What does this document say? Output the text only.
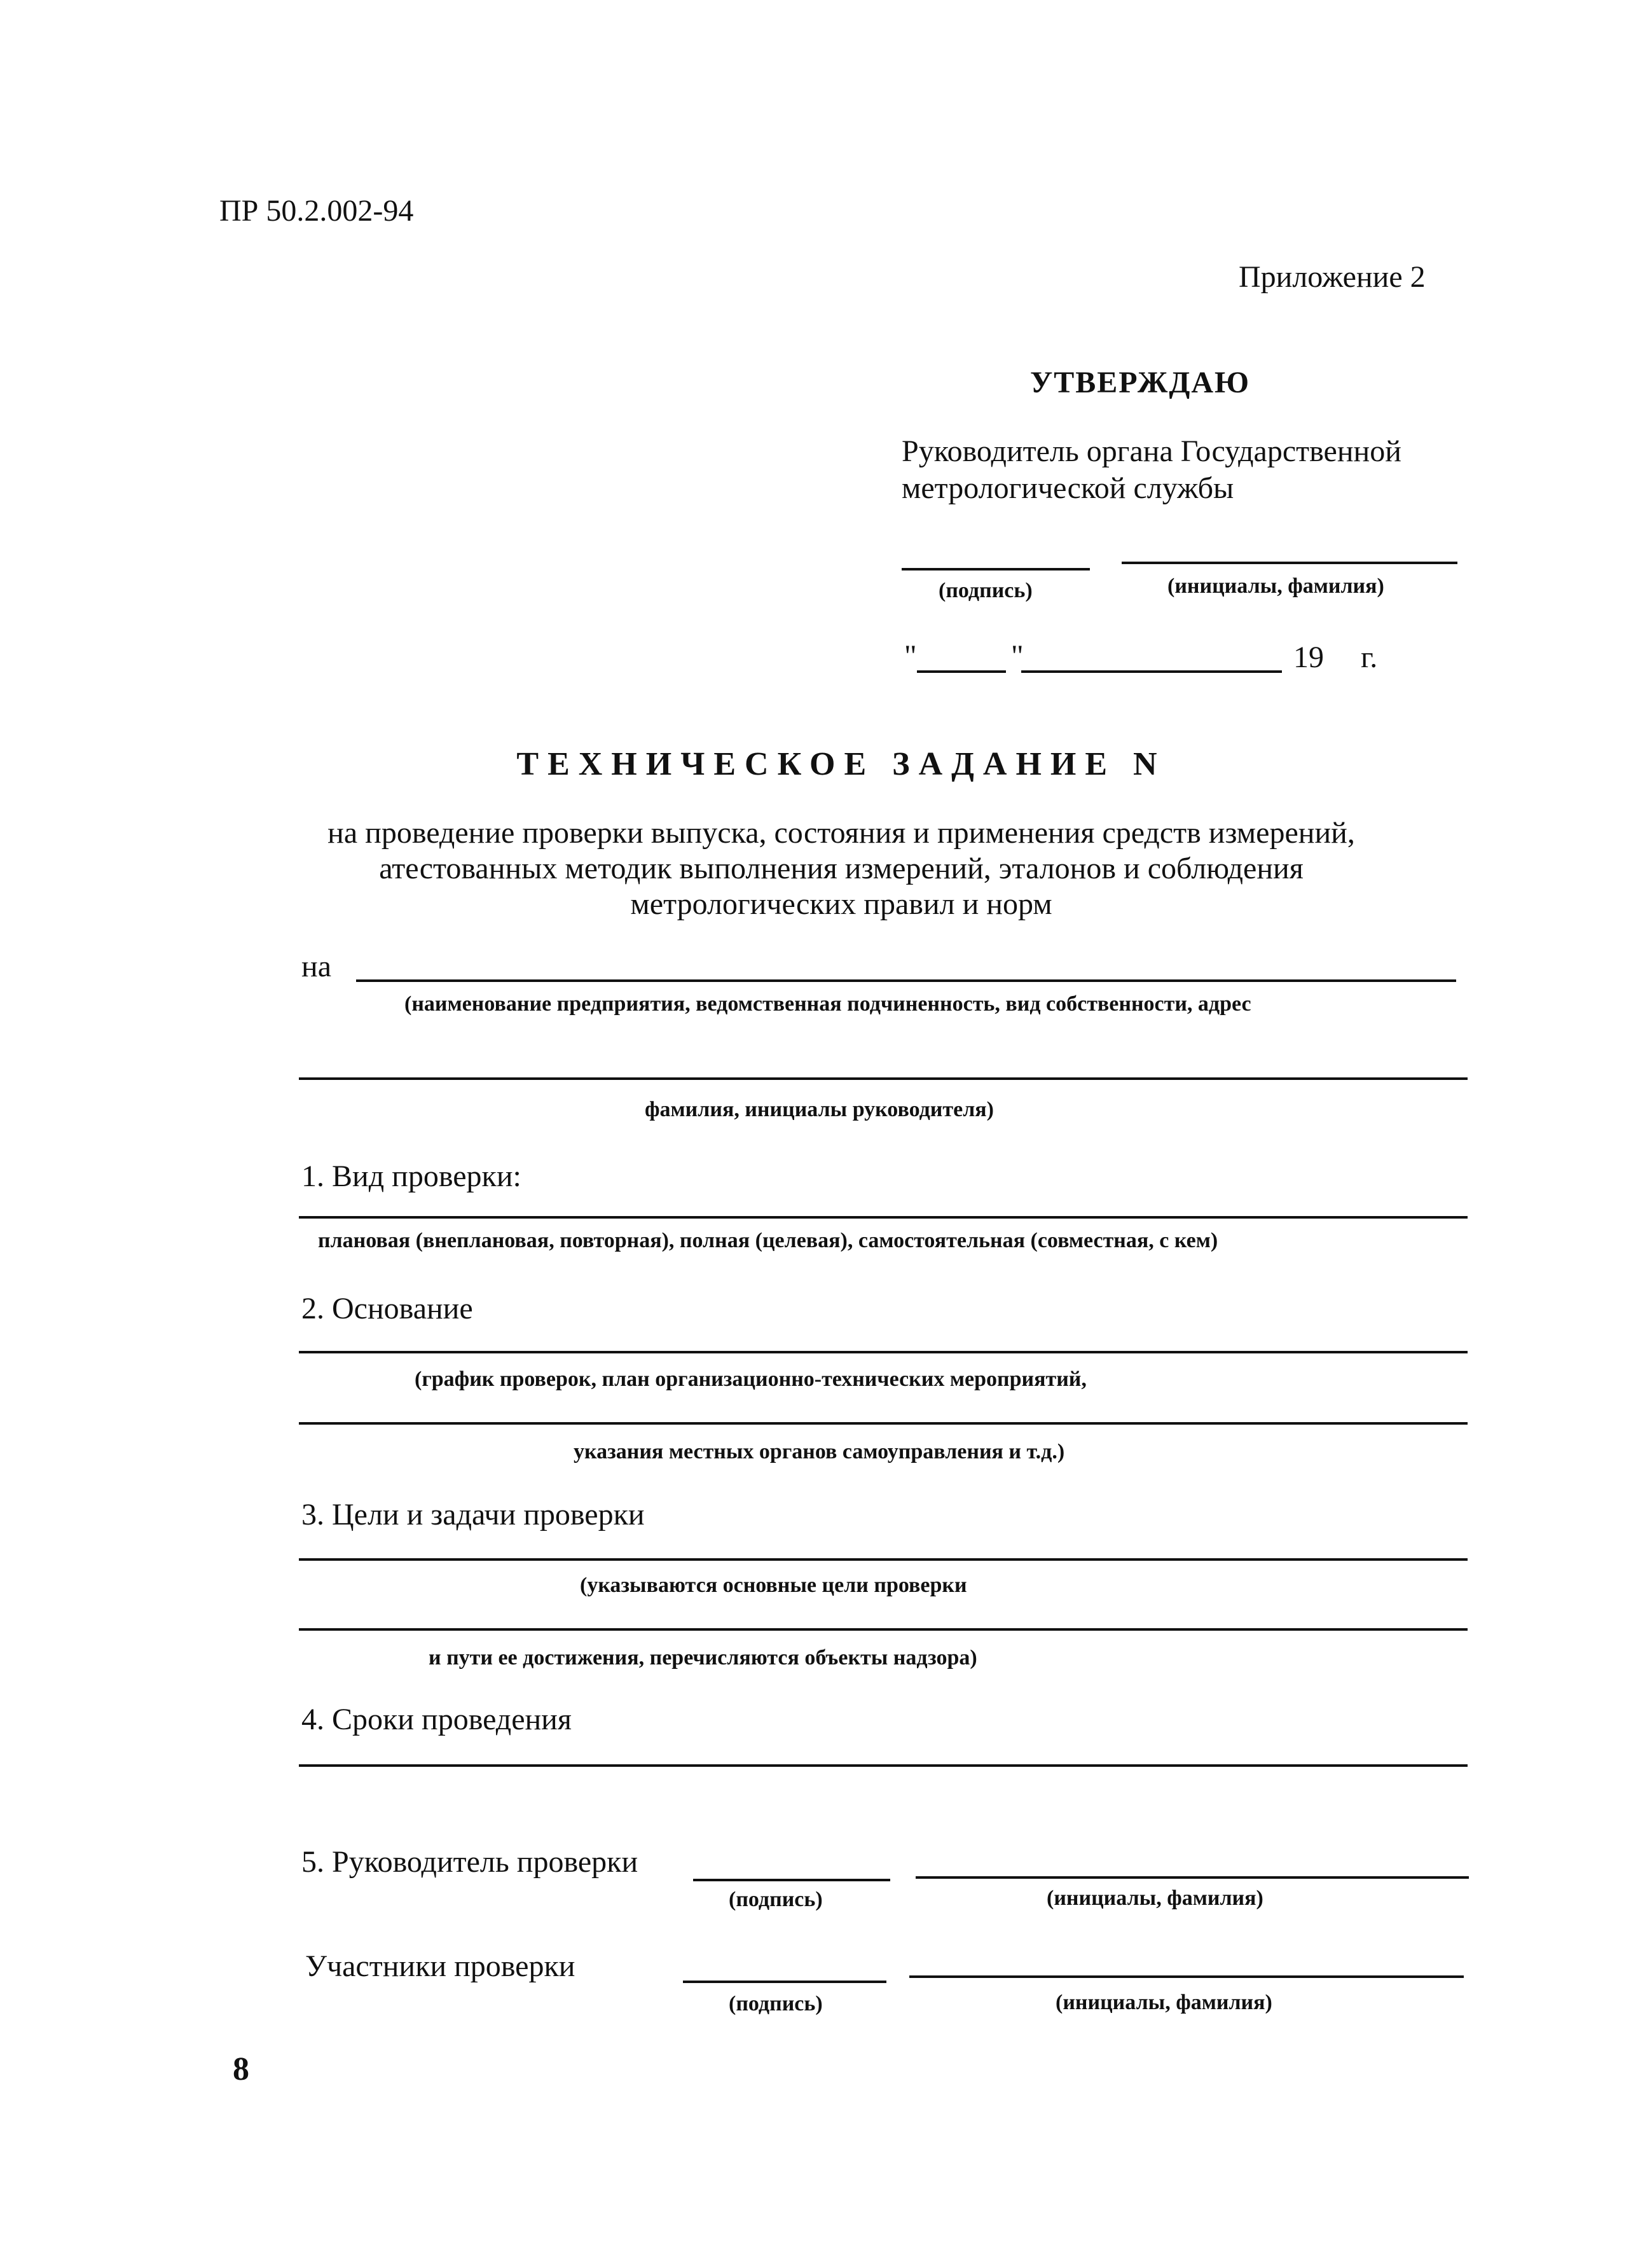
ПР 50.2.002-94
Приложение 2
УТВЕРЖДАЮ
Руководитель органа Государственной
метрологической службы
(подпись)	(инициалы, фамилия)
"	"	19 г.
ТЕХНИЧЕСКОЕ ЗАДАНИЕ N
на проведение проверки выпуска, состояния и применения средств измерений,
атестованных методик выполнения измерений, эталонов и соблюдения
метрологических правил и норм
на
(наименование предприятия, ведомственная подчиненность, вид собственности, адрес
фамилия, инициалы руководителя)
1. Вид проверки:
плановая (внеплановая, повторная), полная (целевая), самостоятельная (совместная, с кем)
2. Основание
(график проверок, план организационно-технических мероприятий,
указания местных органов самоуправления и т.д.)
3. Цели и задачи проверки
(указываются основные цели проверки
и пути ее достижения, перечисляются объекты надзора)
4. Сроки проведения
5. Руководитель проверки
(подпись)	(инициалы, фамилия)
Участники проверки
(подпись)	(инициалы, фамилия)
8
